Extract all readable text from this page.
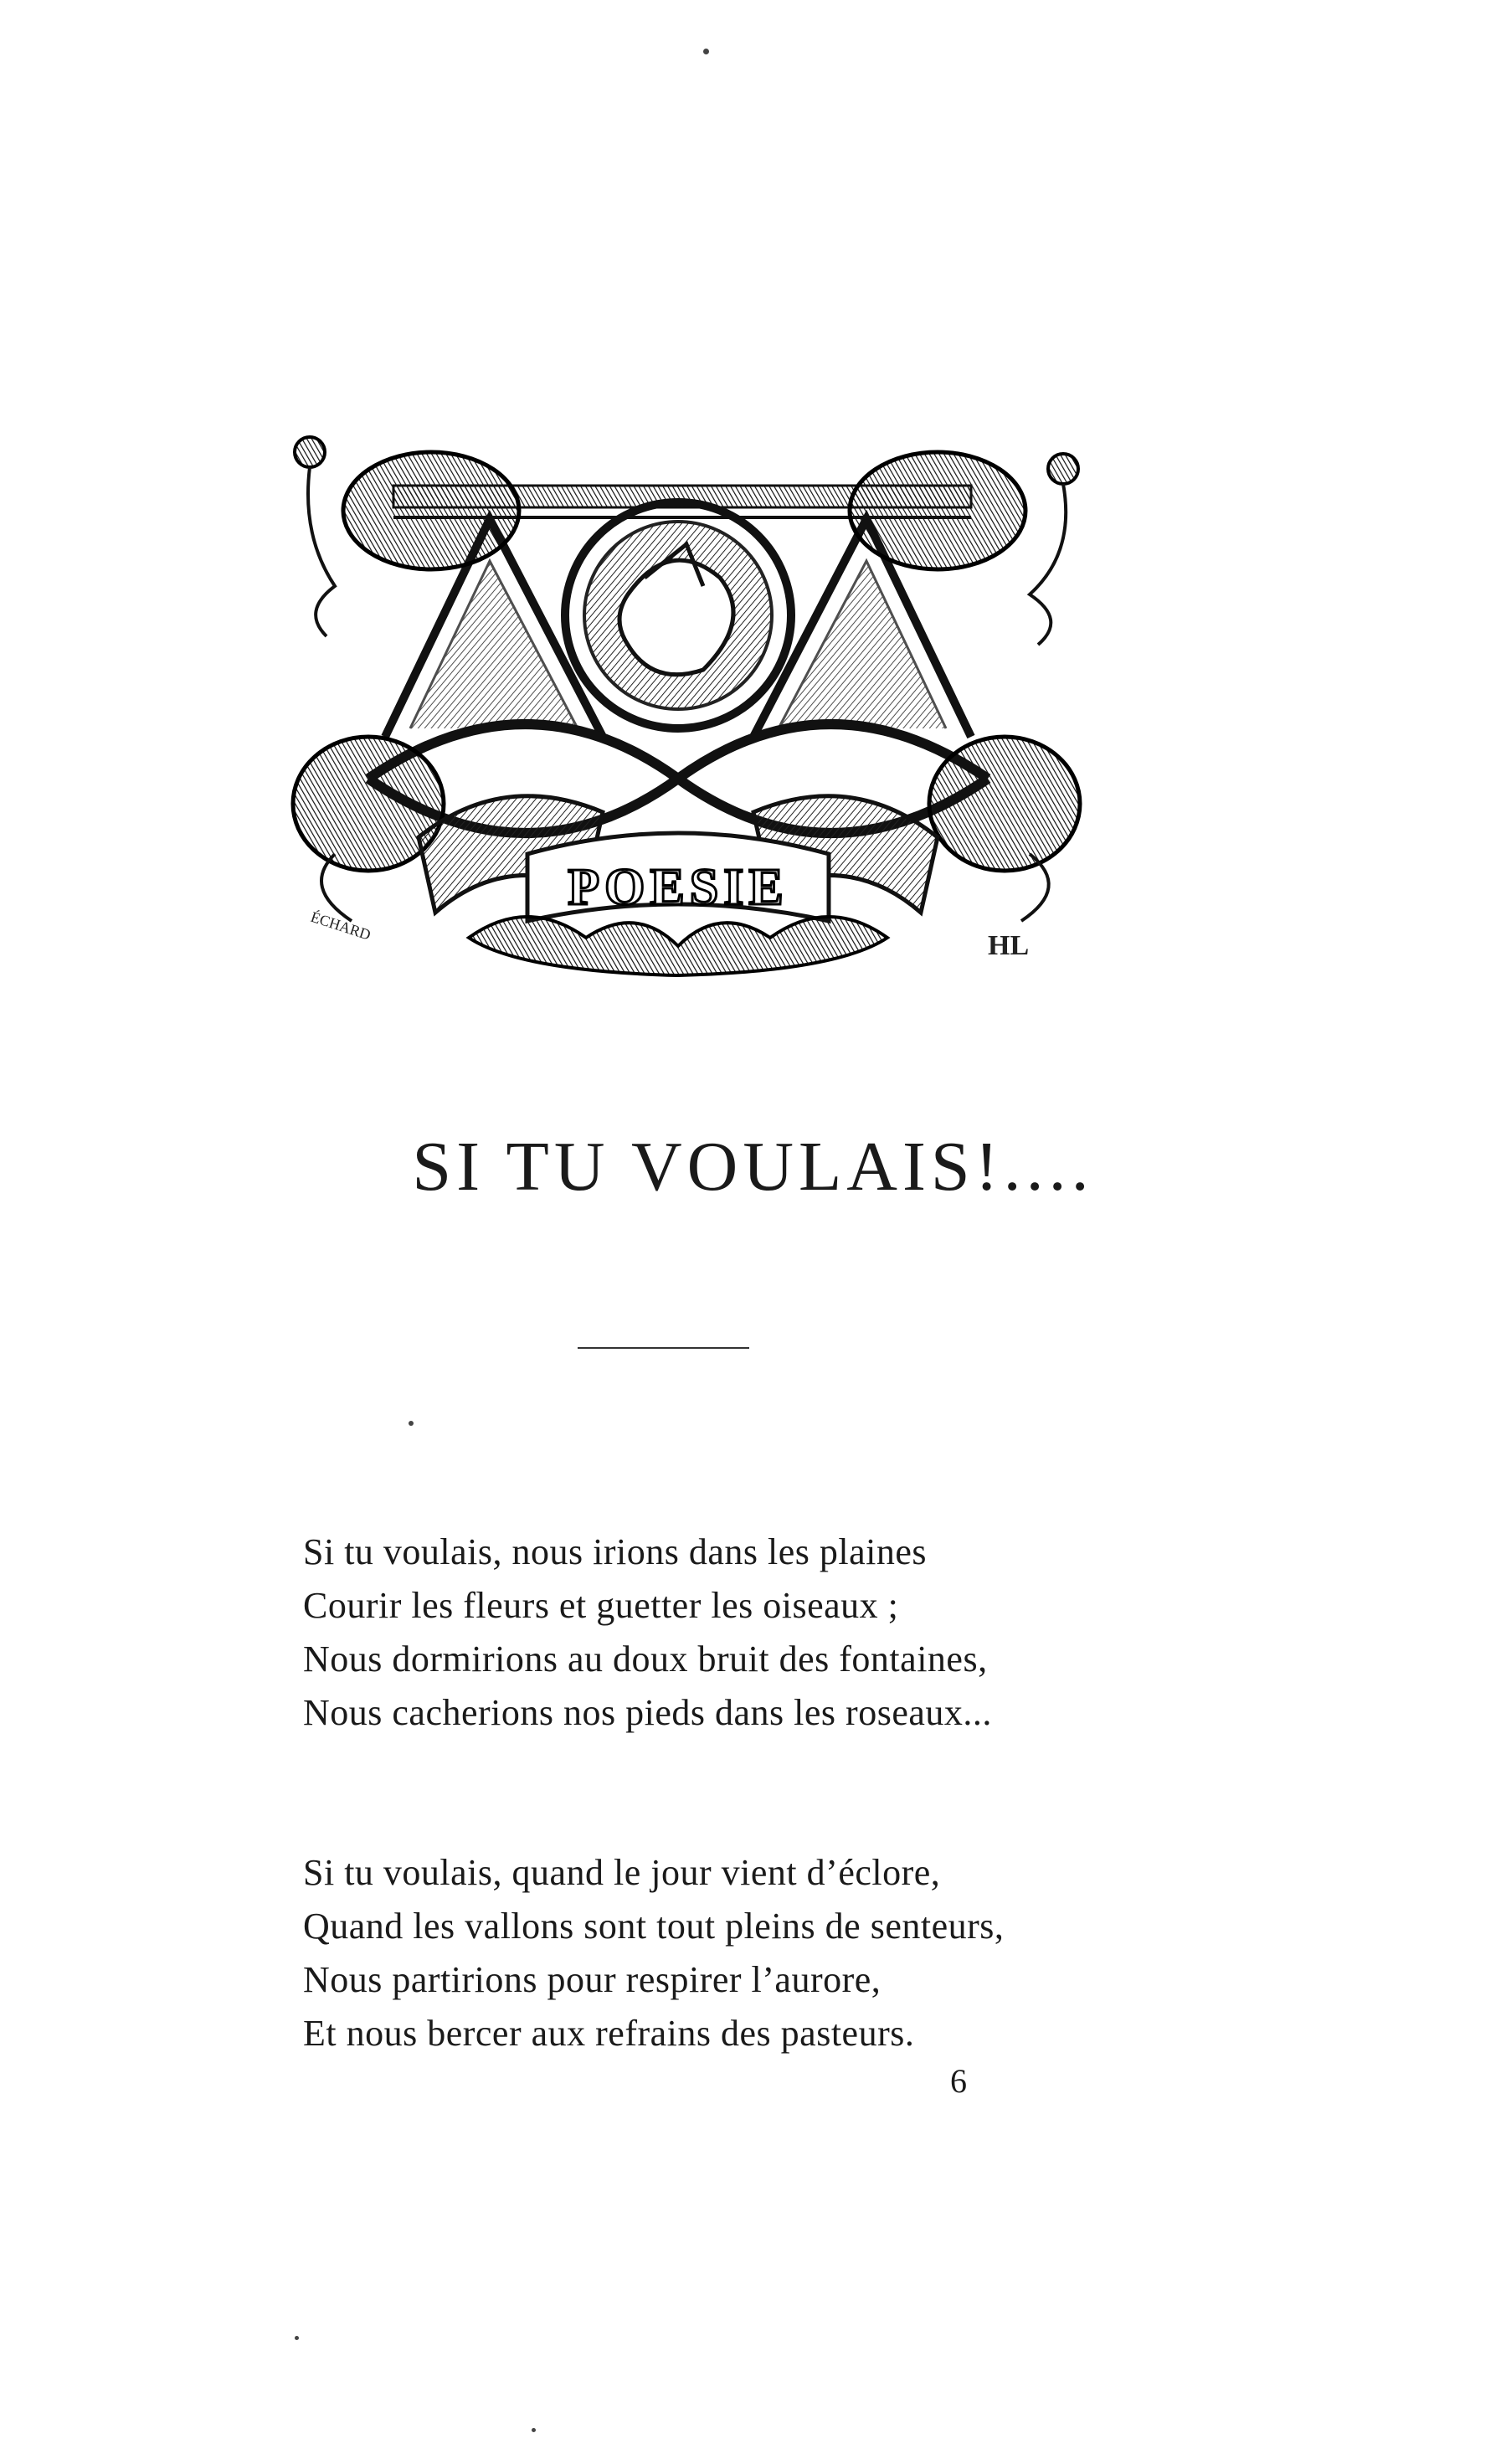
POESIE
ÉCHARD
HL
SI TU VOULAIS!....
Si tu voulais, nous irions dans les plaines
Courir les fleurs et guetter les oiseaux ;
Nous dormirions au doux bruit des fontaines,
Nous cacherions nos pieds dans les roseaux...
Si tu voulais, quand le jour vient d’éclore,
Quand les vallons sont tout pleins de senteurs,
Nous partirions pour respirer l’aurore,
Et nous bercer aux refrains des pasteurs.
6
